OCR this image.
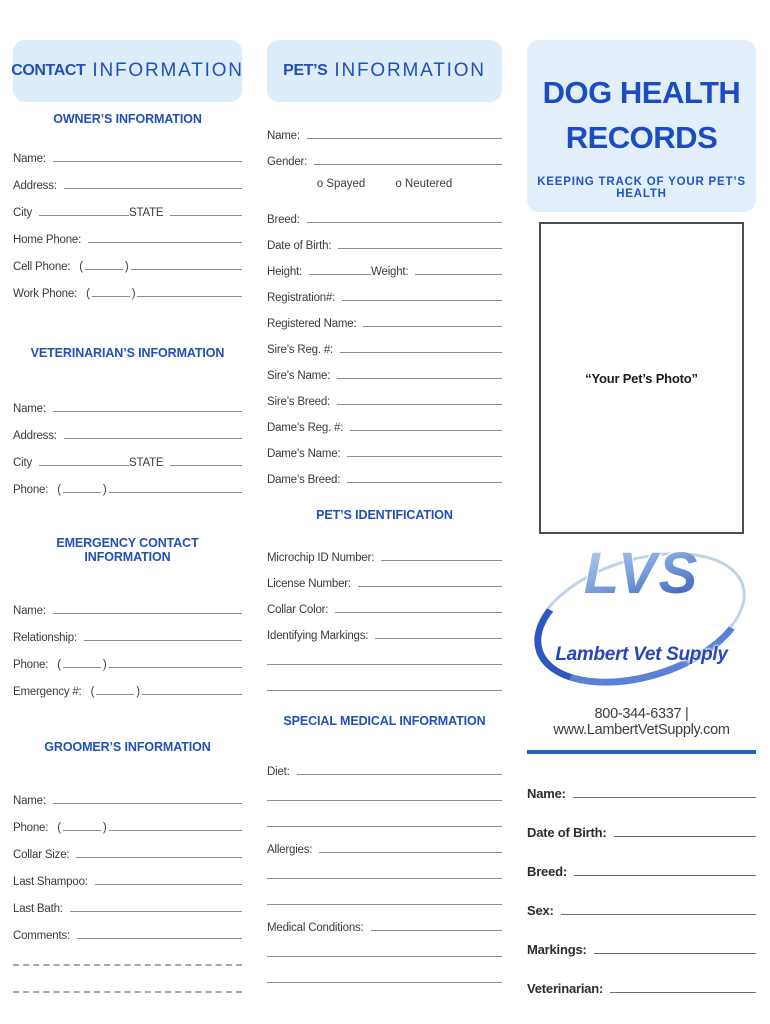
CONTACT INFORMATION
OWNER’S INFORMATION
Name:
Address:
City	STATE
Home Phone:
Cell Phone: (	)
Work Phone: (	)
VETERINARIAN’S INFORMATION
Name:
Address:
City	STATE
Phone: (	)
EMERGENCY CONTACT INFORMATION
Name:
Relationship:
Phone: (	)
Emergency #: (	)
GROOMER’S INFORMATION
Name:
Phone: (	)
Collar Size:
Last Shampoo:
Last Bath:
Comments:
PET’S INFORMATION
Name:
Gender:
o Spayed	o Neutered
Breed:
Date of Birth:
Height:	Weight:
Registration#:
Registered Name:
Sire’s Reg. #:
Sire’s Name:
Sire’s Breed:
Dame’s Reg. #:
Dame’s Name:
Dame’s Breed:
PET’S IDENTIFICATION
Microchip ID Number:
License Number:
Collar Color:
Identifying Markings:
SPECIAL MEDICAL INFORMATION
Diet:
Allergies:
Medical Conditions:
DOG HEALTH
RECORDS
KEEPING TRACK OF YOUR PET’S HEALTH
“Your Pet’s Photo”
LVS
Lambert Vet Supply
800-344-6337 | www.LambertVetSupply.com
Name:
Date of Birth:
Breed:
Sex:
Markings:
Veterinarian:
